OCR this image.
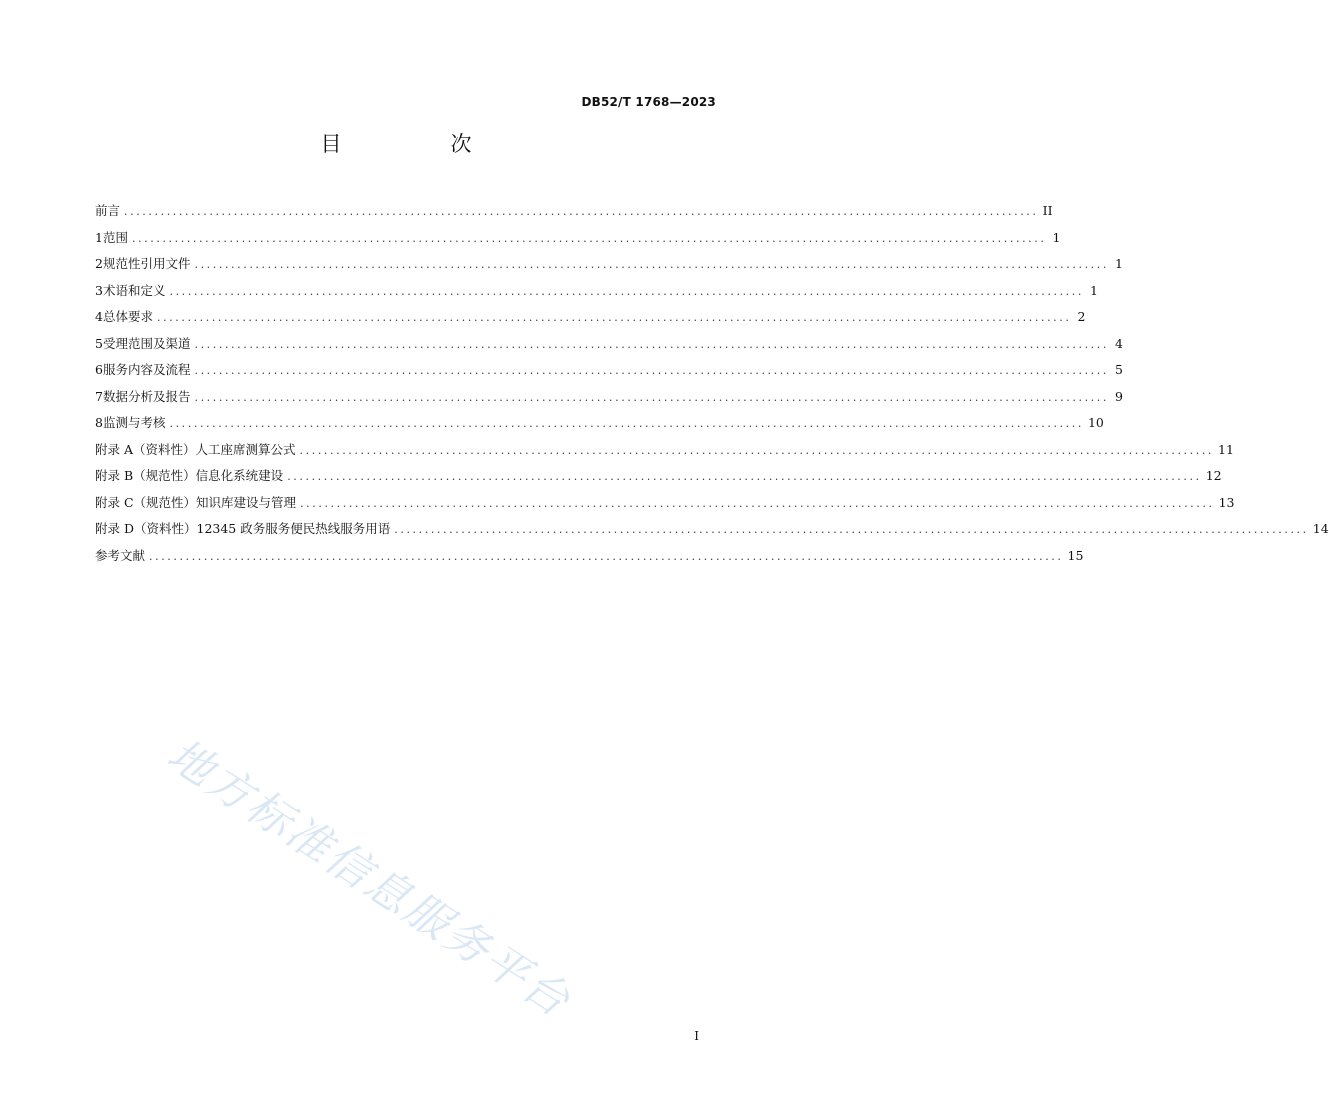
DB52/T 1768—2023
目　次
前言 ...................................................................................................................................................... II
1 范围 ...................................................................................................................................................... 1
2 规范性引用文件 ...................................................................................................................................................... 1
3 术语和定义 ...................................................................................................................................................... 1
4 总体要求 ...................................................................................................................................................... 2
5 受理范围及渠道 ...................................................................................................................................................... 4
6 服务内容及流程 ...................................................................................................................................................... 5
7 数据分析及报告 ...................................................................................................................................................... 9
8 监测与考核 ...................................................................................................................................................... 10
附录 A（资料性） 人工座席测算公式 ...................................................................................................................................................... 11
附录 B（规范性） 信息化系统建设 ...................................................................................................................................................... 12
附录 C（规范性） 知识库建设与管理 ...................................................................................................................................................... 13
附录 D（资料性） 12345 政务服务便民热线服务用语 ...................................................................................................................................................... 14
参考文献 ...................................................................................................................................................... 15
地方标准信息服务平台
I
